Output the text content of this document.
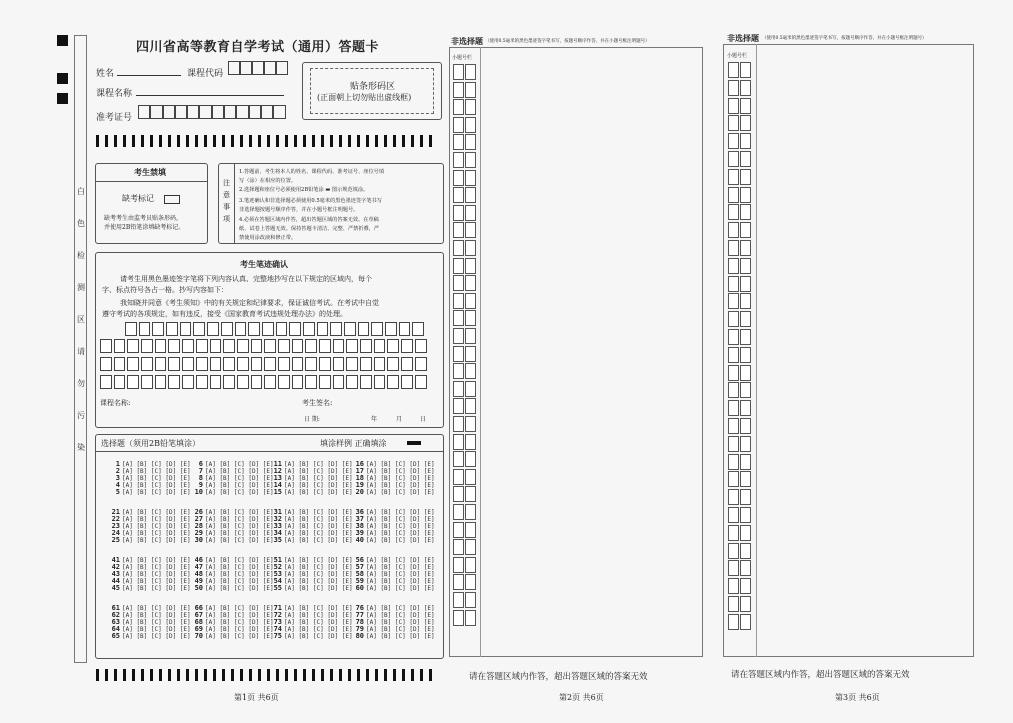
白
色
检
测
区
请
勿
污
染
四川省高等教育自学考试（通用）答题卡
姓名	课程代码
课程名称
准考证号
贴条形码区
(正面朝上切勿贴出虚线框)
考生禁填
缺考标记
缺考考生由监考员贴条形码，
并使用2B铅笔涂填缺考标记。
注
意
事
项
1.答题前，考生将本人的姓名、课程代码、准考证号、座位号填
写（涂）在相应的位置。
2.选择题和座位号必须使用2B铅笔涂 ▬ 图示规范填涂。
3.笔迹确认和非选择题必须使用0.5毫米的黑色墨迹签字笔书写
非选择题按题号顺序作答，并在小题号框注明题号。
4.必须在答题区域内作答，超出答题区域的答案无效。在草稿
纸、试卷上答题无效。保持答题卡清洁、完整、严禁折叠，严
禁使用涂改液和修正带。
考生笔迹确认
请考生用黑色墨迹签字笔将下列内容认真、完整地抄写在以下规定的区域内，每个
字、标点符号各占一格。抄写内容如下：
我知晓并同意《考生须知》中的有关规定和纪律要求，保证诚信考试。在考试中自觉
遵守考试的各项规定，如有违反，接受《国家教育考试违规处理办法》的处理。
课程名称:	考生签名:
日 期:	年	月	日
选择题（须用2B铅笔填涂）	填涂样例 正确填涂
1 [A] [B] [C] [D] [E]
2 [A] [B] [C] [D] [E]
3 [A] [B] [C] [D] [E]
4 [A] [B] [C] [D] [E]
5 [A] [B] [C] [D] [E]
6 [A] [B] [C] [D] [E]
7 [A] [B] [C] [D] [E]
8 [A] [B] [C] [D] [E]
9 [A] [B] [C] [D] [E]
10 [A] [B] [C] [D] [E]
11 [A] [B] [C] [D] [E]
12 [A] [B] [C] [D] [E]
13 [A] [B] [C] [D] [E]
14 [A] [B] [C] [D] [E]
15 [A] [B] [C] [D] [E]
16 [A] [B] [C] [D] [E]
17 [A] [B] [C] [D] [E]
18 [A] [B] [C] [D] [E]
19 [A] [B] [C] [D] [E]
20 [A] [B] [C] [D] [E]
21 [A] [B] [C] [D] [E]
22 [A] [B] [C] [D] [E]
23 [A] [B] [C] [D] [E]
24 [A] [B] [C] [D] [E]
25 [A] [B] [C] [D] [E]
26 [A] [B] [C] [D] [E]
27 [A] [B] [C] [D] [E]
28 [A] [B] [C] [D] [E]
29 [A] [B] [C] [D] [E]
30 [A] [B] [C] [D] [E]
31 [A] [B] [C] [D] [E]
32 [A] [B] [C] [D] [E]
33 [A] [B] [C] [D] [E]
34 [A] [B] [C] [D] [E]
35 [A] [B] [C] [D] [E]
36 [A] [B] [C] [D] [E]
37 [A] [B] [C] [D] [E]
38 [A] [B] [C] [D] [E]
39 [A] [B] [C] [D] [E]
40 [A] [B] [C] [D] [E]
41 [A] [B] [C] [D] [E]
42 [A] [B] [C] [D] [E]
43 [A] [B] [C] [D] [E]
44 [A] [B] [C] [D] [E]
45 [A] [B] [C] [D] [E]
46 [A] [B] [C] [D] [E]
47 [A] [B] [C] [D] [E]
48 [A] [B] [C] [D] [E]
49 [A] [B] [C] [D] [E]
50 [A] [B] [C] [D] [E]
51 [A] [B] [C] [D] [E]
52 [A] [B] [C] [D] [E]
53 [A] [B] [C] [D] [E]
54 [A] [B] [C] [D] [E]
55 [A] [B] [C] [D] [E]
56 [A] [B] [C] [D] [E]
57 [A] [B] [C] [D] [E]
58 [A] [B] [C] [D] [E]
59 [A] [B] [C] [D] [E]
60 [A] [B] [C] [D] [E]
61 [A] [B] [C] [D] [E]
62 [A] [B] [C] [D] [E]
63 [A] [B] [C] [D] [E]
64 [A] [B] [C] [D] [E]
65 [A] [B] [C] [D] [E]
66 [A] [B] [C] [D] [E]
67 [A] [B] [C] [D] [E]
68 [A] [B] [C] [D] [E]
69 [A] [B] [C] [D] [E]
70 [A] [B] [C] [D] [E]
71 [A] [B] [C] [D] [E]
72 [A] [B] [C] [D] [E]
73 [A] [B] [C] [D] [E]
74 [A] [B] [C] [D] [E]
75 [A] [B] [C] [D] [E]
76 [A] [B] [C] [D] [E]
77 [A] [B] [C] [D] [E]
78 [A] [B] [C] [D] [E]
79 [A] [B] [C] [D] [E]
80 [A] [B] [C] [D] [E]
第1页 共6页
非选择题 （使用0.5毫米的黑色墨迹签字笔书写，按题号顺序作答，并在小题号框注明题号）
小题号栏
请在答题区域内作答，超出答题区域的答案无效
第2页 共6页
非选择题 （使用0.5毫米的黑色墨迹签字笔书写，按题号顺序作答，并在小题号框注明题号）
小题号栏
请在答题区域内作答，超出答题区域的答案无效
第3页 共6页
